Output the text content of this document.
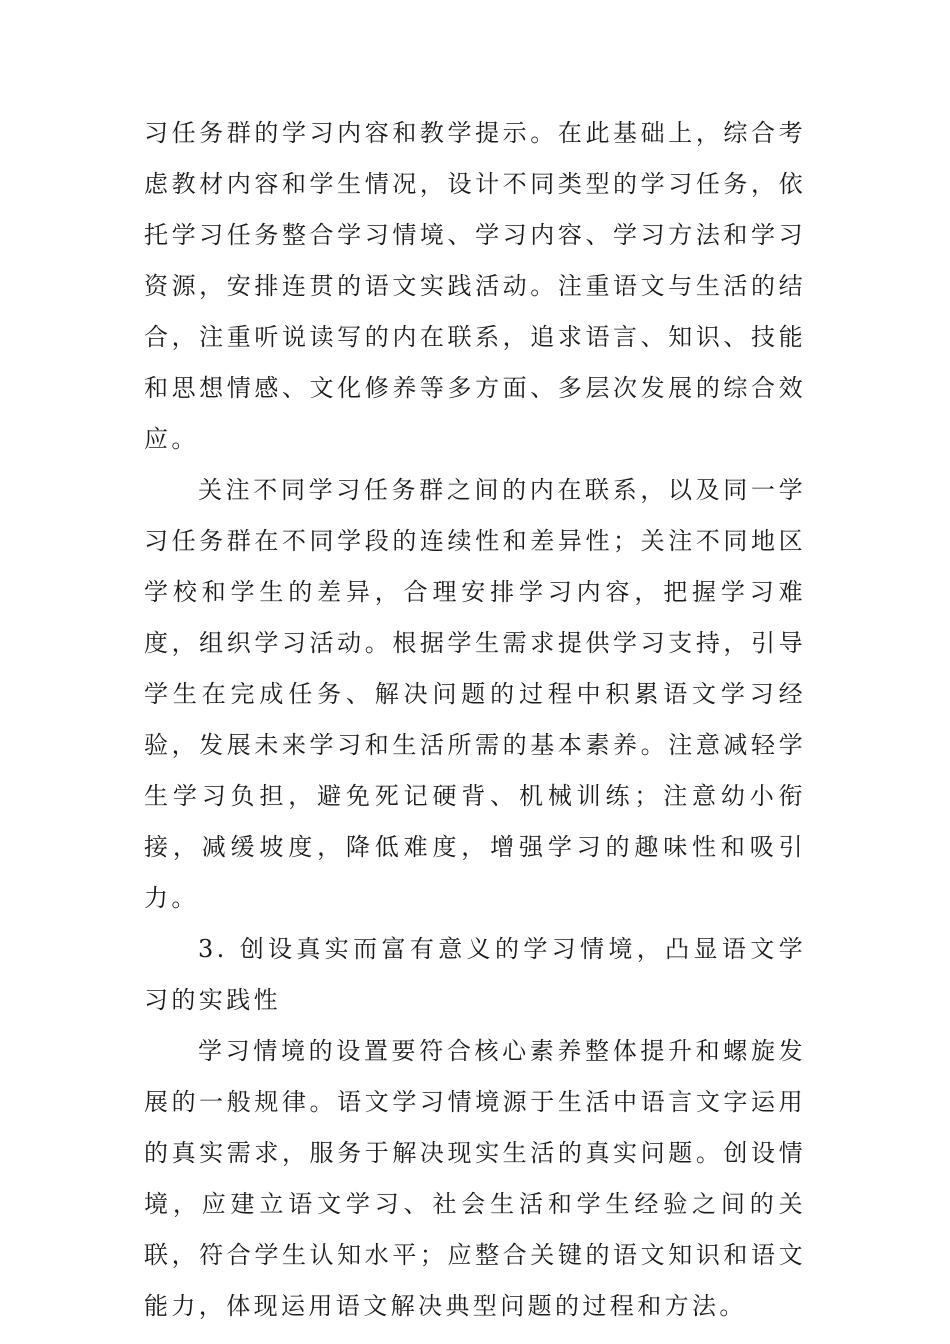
习任务群的学习内容和教学提示。在此基础上，综合考虑教材内容和学生情况，设计不同类型的学习任务，依托学习任务整合学习情境、学习内容、学习方法和学习资源，安排连贯的语文实践活动。注重语文与生活的结合，注重听说读写的内在联系，追求语言、知识、技能和思想情感、文化修养等多方面、多层次发展的综合效应。

关注不同学习任务群之间的内在联系，以及同一学习任务群在不同学段的连续性和差异性；关注不同地区学校和学生的差异，合理安排学习内容，把握学习难度，组织学习活动。根据学生需求提供学习支持，引导学生在完成任务、解决问题的过程中积累语文学习经验，发展未来学习和生活所需的基本素养。注意减轻学生学习负担，避免死记硬背、机械训练；注意幼小衔接，减缓坡度，降低难度，增强学习的趣味性和吸引力。

3. 创设真实而富有意义的学习情境，凸显语文学习的实践性

学习情境的设置要符合核心素养整体提升和螺旋发展的一般规律。语文学习情境源于生活中语言文字运用的真实需求，服务于解决现实生活的真实问题。创设情境，应建立语文学习、社会生活和学生经验之间的关联，符合学生认知水平；应整合关键的语文知识和语文能力，体现运用语文解决典型问题的过程和方法。
